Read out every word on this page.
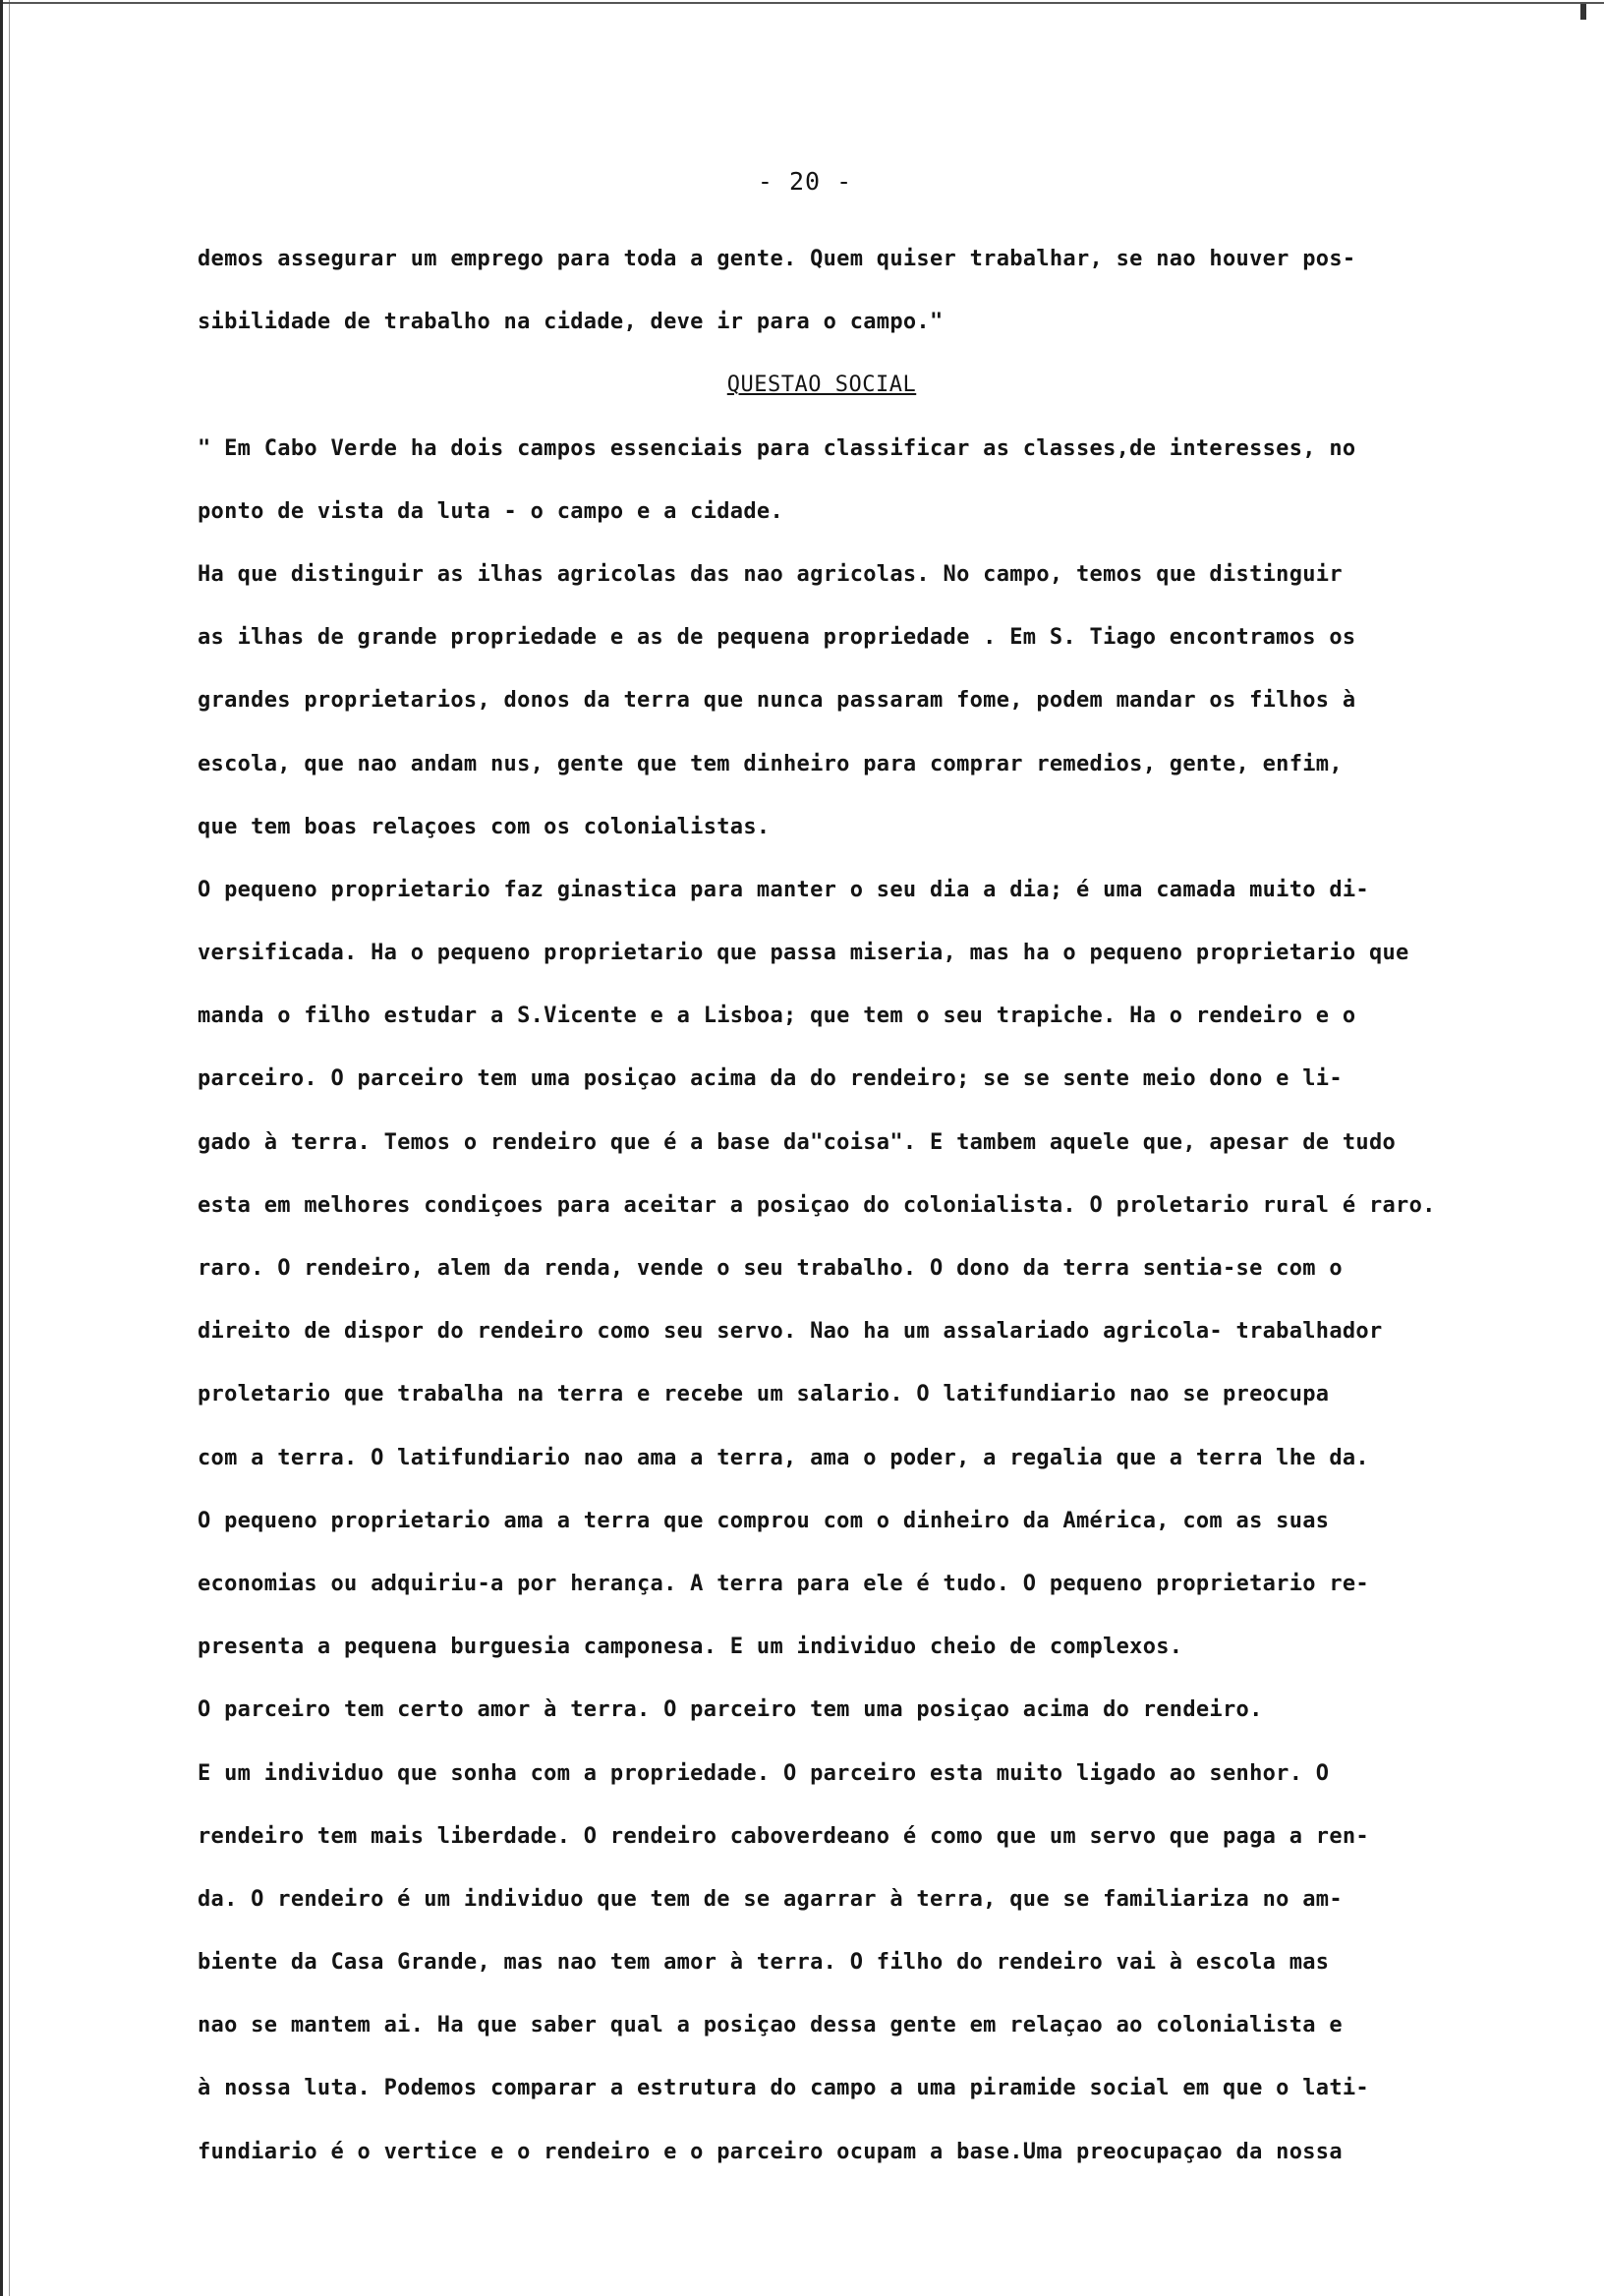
- 20 -
demos assegurar um emprego para toda a gente. Quem quiser trabalhar, se nao houver pos-
sibilidade de trabalho na cidade, deve ir para o campo."
QUESTAO SOCIAL
" Em Cabo Verde ha dois campos essenciais para classificar as classes,de interesses, no
ponto de vista da luta - o campo e a cidade.
Ha que distinguir as ilhas agricolas das nao agricolas. No campo, temos que distinguir
as ilhas de grande propriedade e as de pequena propriedade . Em S. Tiago encontramos os
grandes proprietarios, donos da terra que nunca passaram fome, podem mandar os filhos à
escola, que nao andam nus, gente que tem dinheiro para comprar remedios, gente, enfim,
que tem boas relaçoes com os colonialistas.
O pequeno proprietario faz ginastica para manter o seu dia a dia; é uma camada muito di-
versificada. Ha o pequeno proprietario que passa miseria, mas ha o pequeno proprietario que
manda o filho estudar a S.Vicente e a Lisboa; que tem o seu trapiche. Ha o rendeiro e o
parceiro. O parceiro tem uma posiçao acima da do rendeiro; se se sente meio dono e li-
gado à terra. Temos o rendeiro que é a base da"coisa". E tambem aquele que, apesar de tudo
esta em melhores condiçoes para aceitar a posiçao do colonialista. O proletario rural é raro.
raro. O rendeiro, alem da renda, vende o seu trabalho. O dono da terra sentia-se com o
direito de dispor do rendeiro como seu servo. Nao ha um assalariado agricola- trabalhador
proletario que trabalha na terra e recebe um salario. O latifundiario nao se preocupa
com a terra. O latifundiario nao ama a terra, ama o poder, a regalia que a terra lhe da.
O pequeno proprietario ama a terra que comprou com o dinheiro da América, com as suas
economias ou adquiriu-a por herança. A terra para ele é tudo. O pequeno proprietario re-
presenta a pequena burguesia camponesa. E um individuo cheio de complexos.
O parceiro tem certo amor à terra. O parceiro tem uma posiçao acima do rendeiro.
E um individuo que sonha com a propriedade. O parceiro esta muito ligado ao senhor. O
rendeiro tem mais liberdade. O rendeiro caboverdeano é como que um servo que paga a ren-
da. O rendeiro é um individuo que tem de se agarrar à terra, que se familiariza no am-
biente da Casa Grande, mas nao tem amor à terra. O filho do rendeiro vai à escola mas
nao se mantem ai. Ha que saber qual a posiçao dessa gente em relaçao ao colonialista e
à nossa luta. Podemos comparar a estrutura do campo a uma piramide social em que o lati-
fundiario é o vertice e o rendeiro e o parceiro ocupam a base.Uma preocupaçao da nossa
